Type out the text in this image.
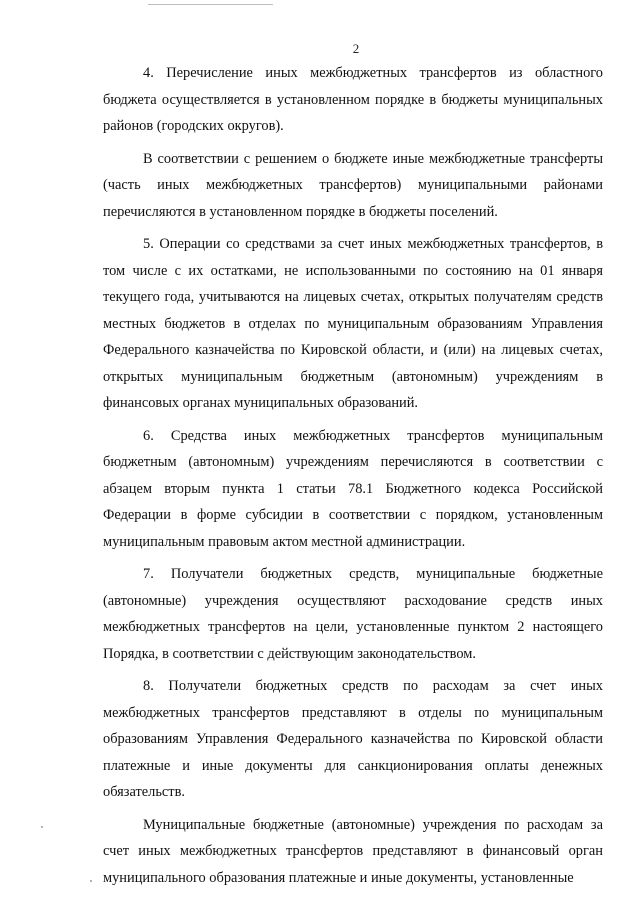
2

4. Перечисление иных межбюджетных трансфертов из областного бюджета осуществляется в установленном порядке в бюджеты муниципальных районов (городских округов).

В соответствии с решением о бюджете иные межбюджетные трансферты (часть иных межбюджетных трансфертов) муниципальными районами перечисляются в установленном порядке в бюджеты поселений.

5. Операции со средствами за счет иных межбюджетных трансфертов, в том числе с их остатками, не использованными по состоянию на 01 января текущего года, учитываются на лицевых счетах, открытых получателям средств местных бюджетов в отделах по муниципальным образованиям Управления Федерального казначейства по Кировской области, и (или) на лицевых счетах, открытых муниципальным бюджетным (автономным) учреждениям в финансовых органах муниципальных образований.

6. Средства иных межбюджетных трансфертов муниципальным бюджетным (автономным) учреждениям перечисляются в соответствии с абзацем вторым пункта 1 статьи 78.1 Бюджетного кодекса Российской Федерации в форме субсидии в соответствии с порядком, установленным муниципальным правовым актом местной администрации.

7. Получатели бюджетных средств, муниципальные бюджетные (автономные) учреждения осуществляют расходование средств иных межбюджетных трансфертов на цели, установленные пунктом 2 настоящего Порядка, в соответствии с действующим законодательством.

8. Получатели бюджетных средств по расходам за счет иных межбюджетных трансфертов представляют в отделы по муниципальным образованиям Управления Федерального казначейства по Кировской области платежные и иные документы для санкционирования оплаты денежных обязательств.

Муниципальные бюджетные (автономные) учреждения по расходам за счет иных межбюджетных трансфертов представляют в финансовый орган муниципального образования платежные и иные документы, установленные
